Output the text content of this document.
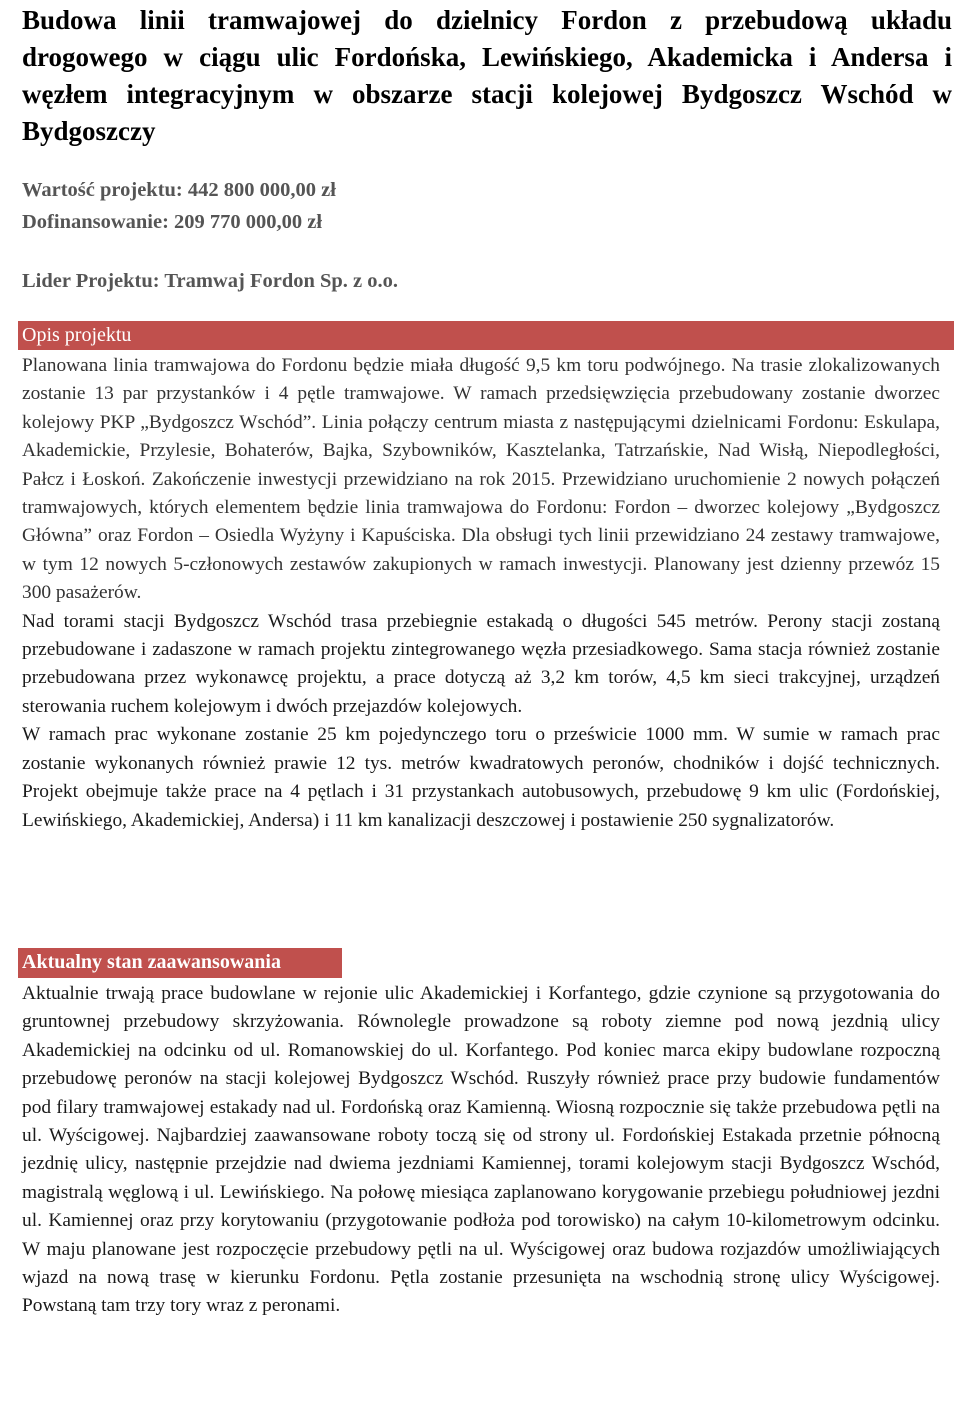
Budowa linii tramwajowej do dzielnicy Fordon z przebudową układu drogowego w ciągu ulic Fordońska, Lewińskiego, Akademicka i Andersa i węzłem integracyjnym w obszarze stacji kolejowej Bydgoszcz Wschód w Bydgoszczy
Wartość projektu: 442 800 000,00 zł
Dofinansowanie: 209 770 000,00 zł
Lider Projektu: Tramwaj Fordon Sp. z o.o.
Opis projektu

Planowana linia tramwajowa do Fordonu będzie miała długość 9,5 km toru podwójnego. Na trasie zlokalizowanych zostanie 13 par przystanków i 4 pętle tramwajowe. W ramach przedsięwzięcia przebudowany zostanie dworzec kolejowy PKP „Bydgoszcz Wschód”. Linia połączy centrum miasta z następującymi dzielnicami Fordonu: Eskulapa, Akademickie, Przylesie, Bohaterów, Bajka, Szybowników, Kasztelanka, Tatrzańskie, Nad Wisłą, Niepodległości, Pałcz i Łoskoń. Zakończenie inwestycji przewidziano na rok 2015. Przewidziano uruchomienie 2 nowych połączeń tramwajowych, których elementem będzie linia tramwajowa do Fordonu: Fordon – dworzec kolejowy „Bydgoszcz Główna” oraz Fordon – Osiedla Wyżyny i Kapuściska. Dla obsługi tych linii przewidziano 24 zestawy tramwajowe, w tym 12 nowych 5-członowych zestawów zakupionych w ramach inwestycji. Planowany jest dzienny przewóz 15 300 pasażerów.

Nad torami stacji Bydgoszcz Wschód trasa przebiegnie estakadą o długości 545 metrów. Perony stacji zostaną przebudowane i zadaszone w ramach projektu zintegrowanego węzła przesiadkowego. Sama stacja również zostanie przebudowana przez wykonawcę projektu, a prace dotyczą aż 3,2 km torów, 4,5 km sieci trakcyjnej, urządzeń sterowania ruchem kolejowym i dwóch przejazdów kolejowych.

W ramach prac wykonane zostanie 25 km pojedynczego toru o prześwicie 1000 mm. W sumie w ramach prac zostanie wykonanych również prawie 12 tys. metrów kwadratowych peronów, chodników i dojść technicznych. Projekt obejmuje także prace na 4 pętlach i 31 przystankach autobusowych, przebudowę 9 km ulic (Fordońskiej, Lewińskiego, Akademickiej, Andersa) i 11 km kanalizacji deszczowej i postawienie 250 sygnalizatorów.

Aktualny stan zaawansowania

Aktualnie trwają prace budowlane w rejonie ulic Akademickiej i Korfantego, gdzie czynione są przygotowania do gruntownej przebudowy skrzyżowania. Równolegle prowadzone są roboty ziemne pod nową jezdnią ulicy Akademickiej na odcinku od ul. Romanowskiej do ul. Korfantego. Pod koniec marca ekipy budowlane rozpoczną przebudowę peronów na stacji kolejowej Bydgoszcz Wschód. Ruszyły również prace przy budowie fundamentów pod filary tramwajowej estakady nad ul. Fordońską oraz Kamienną. Wiosną rozpocznie się także przebudowa pętli na ul. Wyścigowej. Najbardziej zaawansowane roboty toczą się od strony ul. Fordońskiej Estakada przetnie północną jezdnię ulicy, następnie przejdzie nad dwiema jezdniami Kamiennej, torami kolejowym stacji Bydgoszcz Wschód, magistralą węglową i ul. Lewińskiego. Na połowę miesiąca zaplanowano korygowanie przebiegu południowej jezdni ul. Kamiennej oraz przy korytowaniu (przygotowanie podłoża pod torowisko) na całym 10-kilometrowym odcinku. W maju planowane jest rozpoczęcie przebudowy pętli na ul. Wyścigowej oraz budowa rozjazdów umożliwiających wjazd na nową trasę w kierunku Fordonu. Pętla zostanie przesunięta na wschodnią stronę ulicy Wyścigowej. Powstaną tam trzy tory wraz z peronami.
